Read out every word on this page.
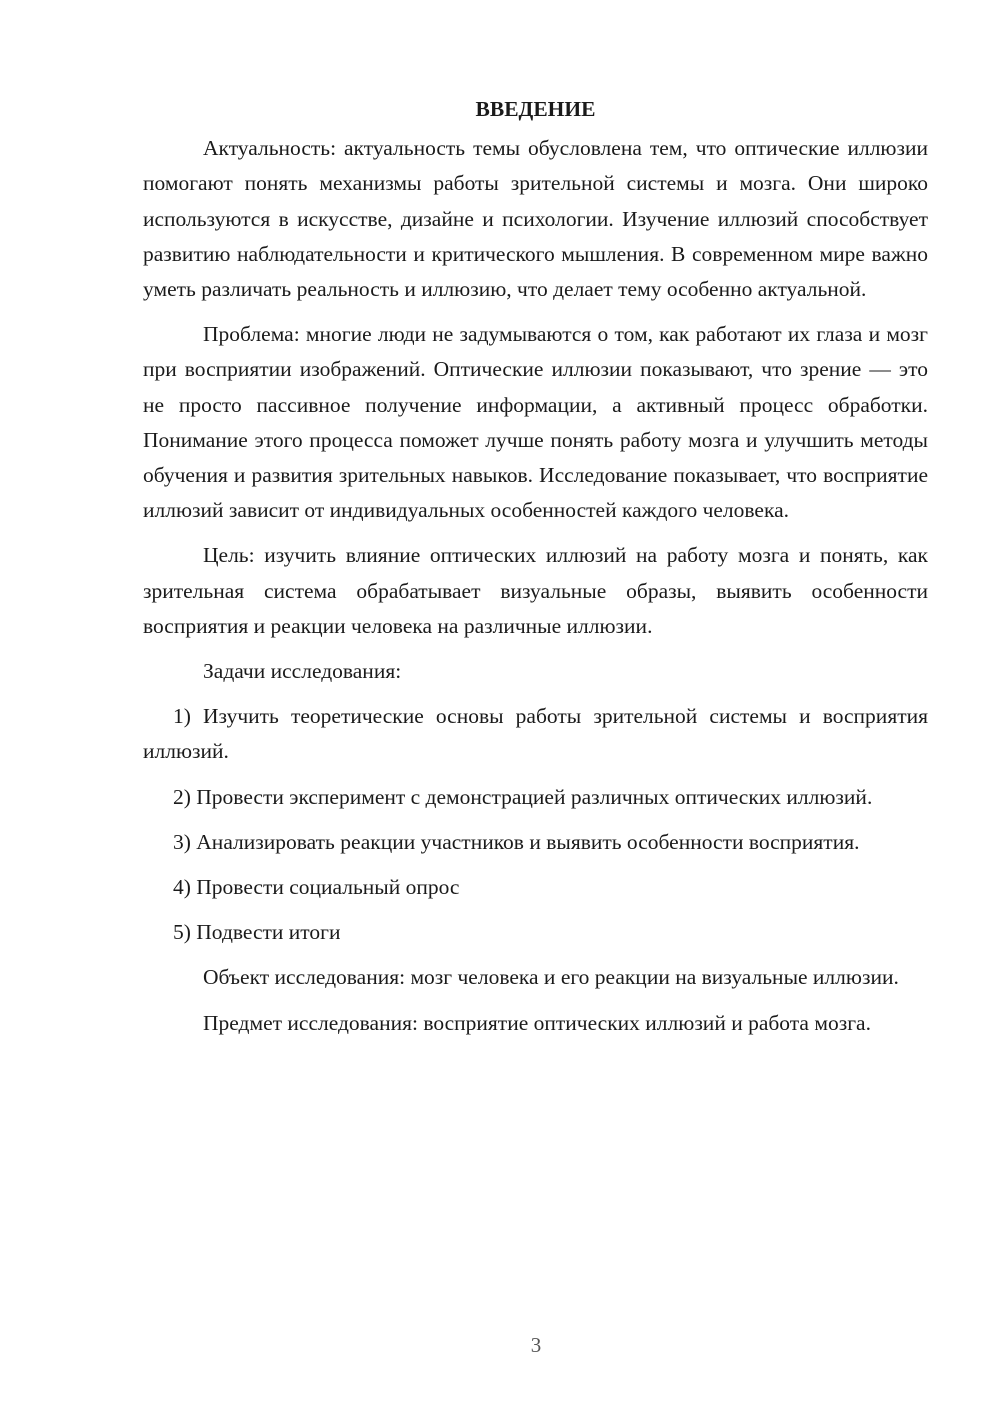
ВВЕДЕНИЕ

Актуальность: актуальность темы обусловлена тем, что оптические иллюзии помогают понять механизмы работы зрительной системы и мозга. Они широко используются в искусстве, дизайне и психологии. Изучение иллюзий способствует развитию наблюдательности и критического мышления. В современном мире важно уметь различать реальность и иллюзию, что делает тему особенно актуальной.

Проблема: многие люди не задумываются о том, как работают их глаза и мозг при восприятии изображений. Оптические иллюзии показывают, что зрение — это не просто пассивное получение информации, а активный процесс обработки. Понимание этого процесса поможет лучше понять работу мозга и улучшить методы обучения и развития зрительных навыков. Исследование показывает, что восприятие иллюзий зависит от индивидуальных особенностей каждого человека.

Цель: изучить влияние оптических иллюзий на работу мозга и понять, как зрительная система обрабатывает визуальные образы, выявить особенности восприятия и реакции человека на различные иллюзии.

Задачи исследования:

1) Изучить теоретические основы работы зрительной системы и восприятия иллюзий.

2) Провести эксперимент с демонстрацией различных оптических иллюзий.

3) Анализировать реакции участников и выявить особенности восприятия.

4) Провести социальный опрос

5) Подвести итоги

Объект исследования: мозг человека и его реакции на визуальные иллюзии.

Предмет исследования: восприятие оптических иллюзий и работа мозга.

3
